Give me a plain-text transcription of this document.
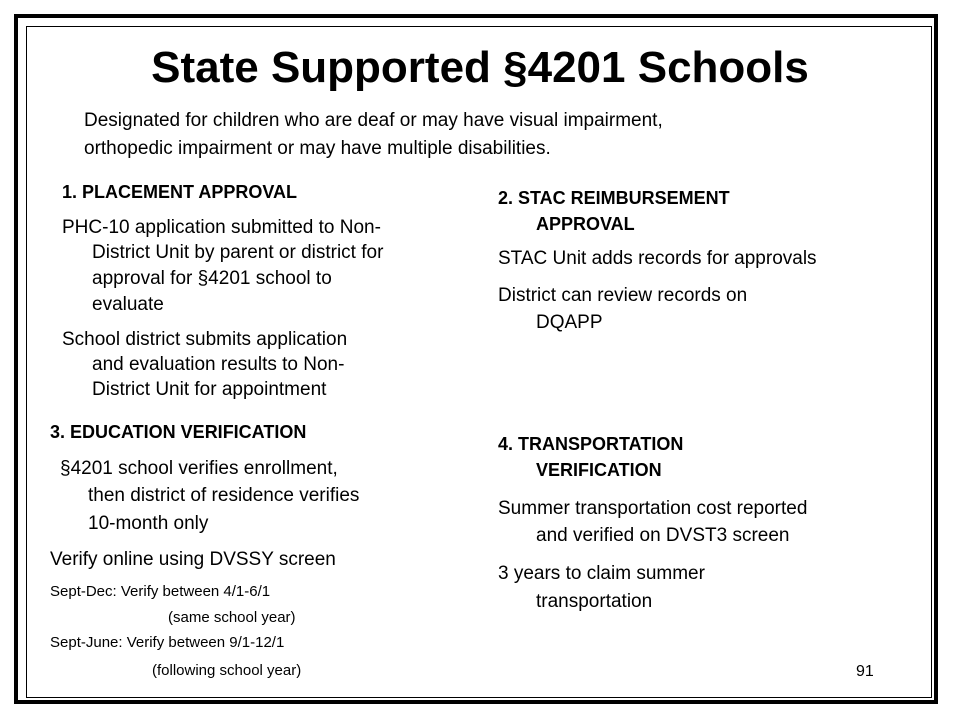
State Supported §4201 Schools

Designated for children who are deaf or may have visual impairment,

orthopedic impairment or may have multiple disabilities.

1. PLACEMENT APPROVAL

PHC-10 application submitted to Non-

District Unit by parent or district for

approval for §4201 school to

evaluate

School district submits application

and evaluation results to Non-

District Unit for appointment

2. STAC REIMBURSEMENT

APPROVAL

STAC Unit adds records for approvals

District can review records on

DQAPP

3. EDUCATION VERIFICATION

§4201 school verifies enrollment,

then district of residence verifies

10-month only

Verify online using DVSSY screen

Sept-Dec: Verify between 4/1-6/1

(same school year)

Sept-June: Verify between 9/1-12/1

(following school year)

4. TRANSPORTATION

VERIFICATION

Summer transportation cost reported

and verified on DVST3 screen

3 years to claim summer

transportation

91
